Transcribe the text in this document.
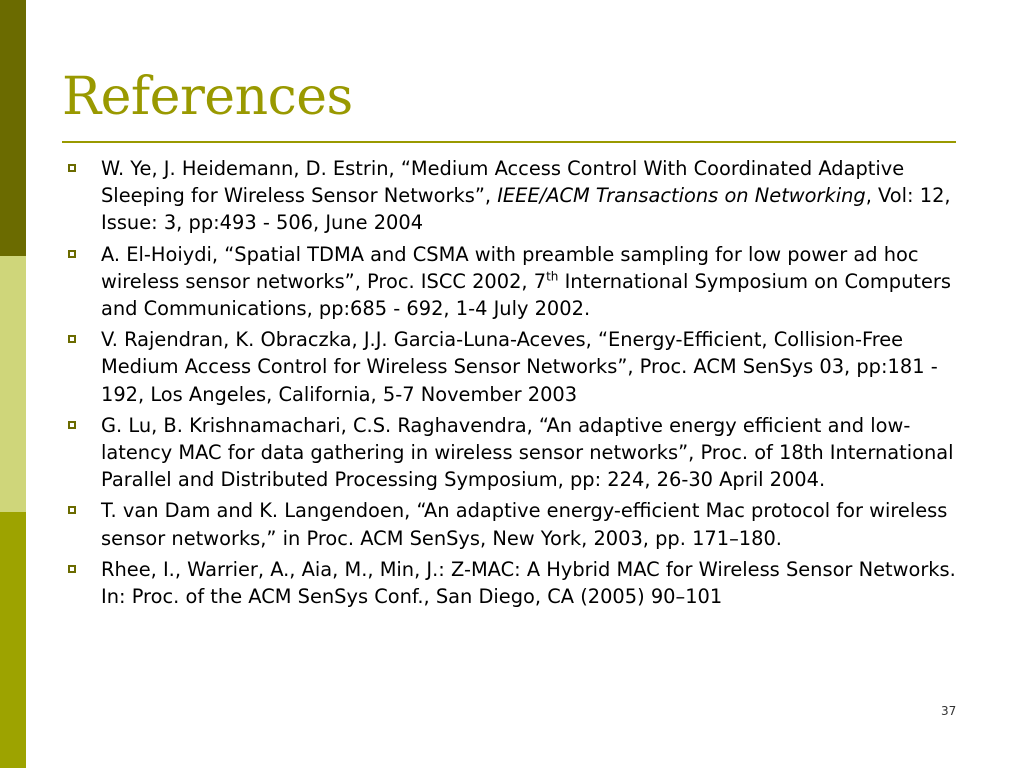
References
W. Ye, J. Heidemann, D. Estrin, “Medium Access Control With Coordinated Adaptive Sleeping for Wireless Sensor Networks”, IEEE/ACM Transactions on Networking, Vol: 12, Issue: 3, pp:493 - 506, June 2004
A. El-Hoiydi, “Spatial TDMA and CSMA with preamble sampling for low power ad hoc wireless sensor networks”, Proc. ISCC 2002, 7th International Symposium on Computers and Communications, pp:685 - 692, 1-4 July 2002.
V. Rajendran, K. Obraczka, J.J. Garcia-Luna-Aceves, “Energy-Efficient, Collision-Free Medium Access Control for Wireless Sensor Networks”, Proc. ACM SenSys 03, pp:181 - 192, Los Angeles, California, 5-7 November 2003
G. Lu, B. Krishnamachari, C.S. Raghavendra, “An adaptive energy efficient and low-latency MAC for data gathering in wireless sensor networks”, Proc. of 18th International Parallel and Distributed Processing Symposium, pp: 224, 26-30 April 2004.
T. van Dam and K. Langendoen, “An adaptive energy-efficient Mac protocol for wireless sensor networks,” in Proc. ACM SenSys, New York, 2003, pp. 171–180.
Rhee, I., Warrier, A., Aia, M., Min, J.: Z-MAC: A Hybrid MAC for Wireless Sensor Networks. In: Proc. of the ACM SenSys Conf., San Diego, CA (2005) 90–101
37
